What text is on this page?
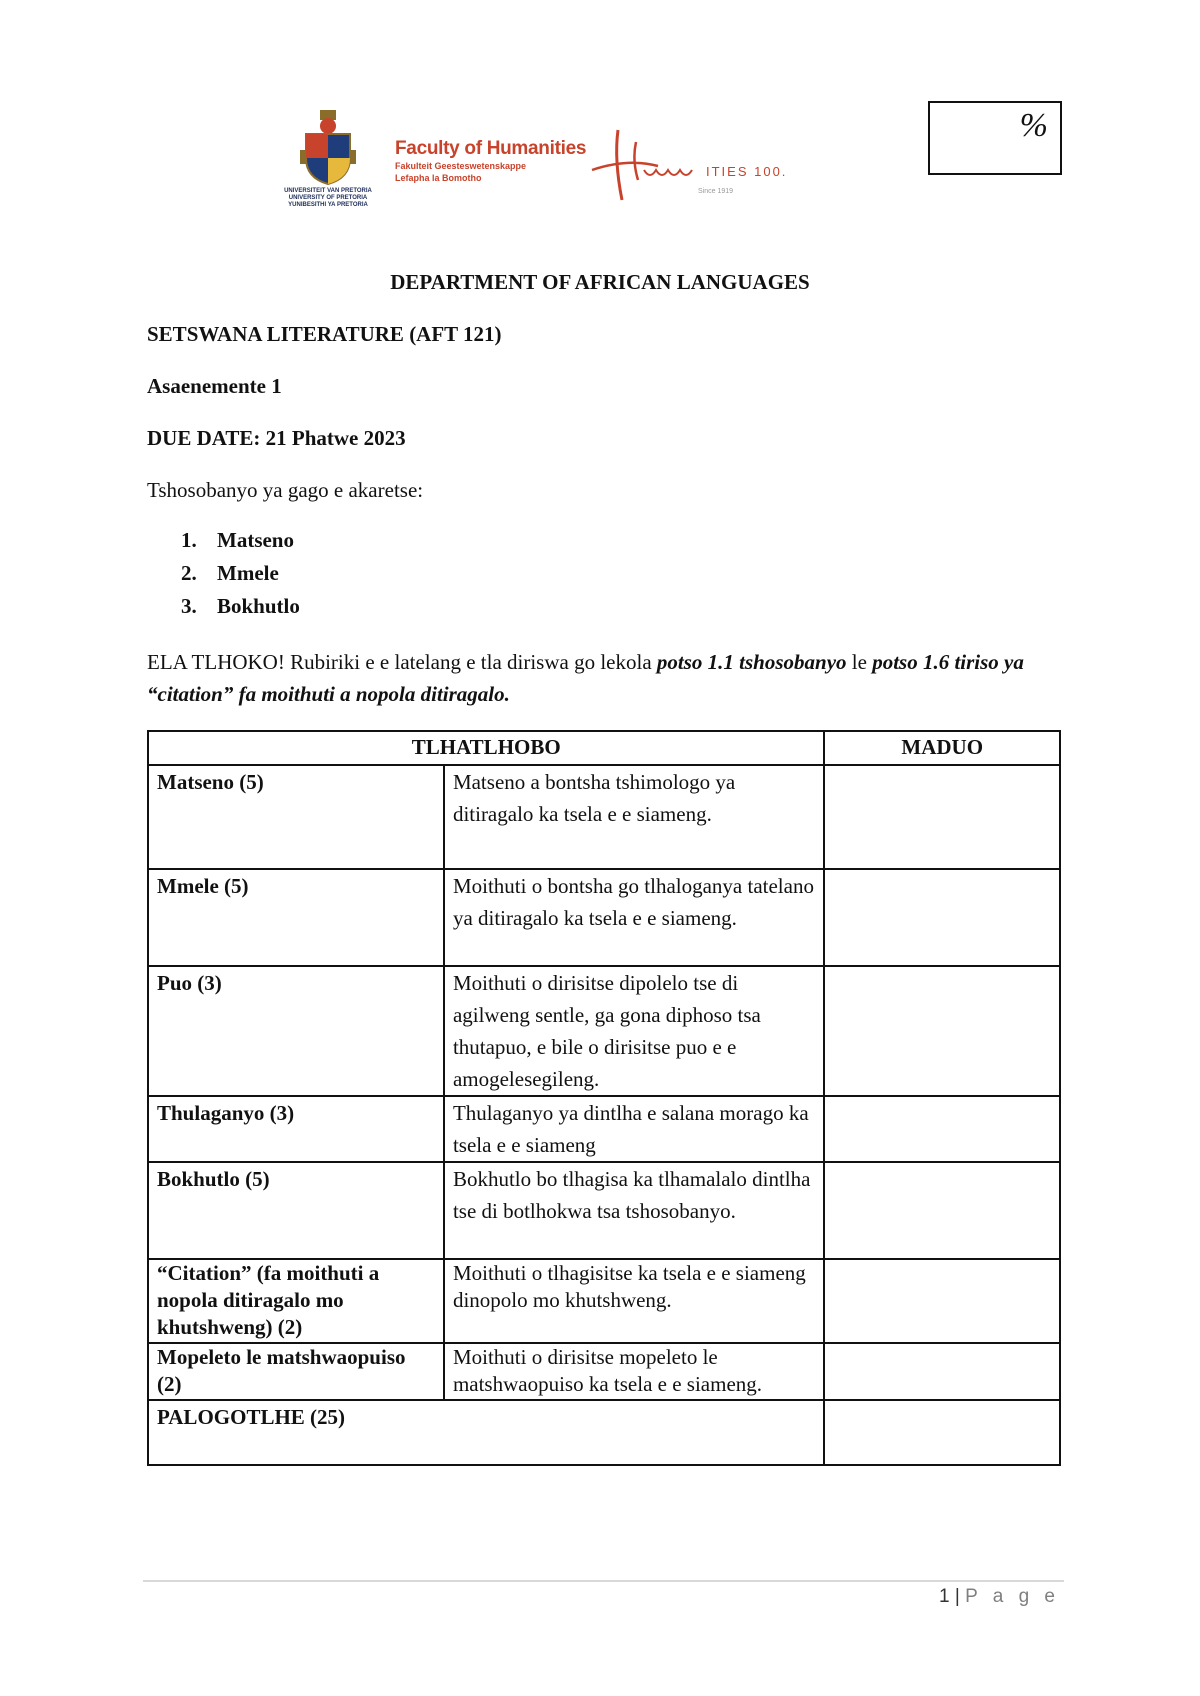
UNIVERSITEIT VAN PRETORIA
UNIVERSITY OF PRETORIA
YUNIBESITHI YA PRETORIA
Faculty of Humanities
Fakulteit Geesteswetenskappe
Lefapha la Bomotho	ITIES 100.
Since 1919
%
DEPARTMENT OF AFRICAN LANGUAGES
SETSWANA LITERATURE (AFT 121)
Asaenemente 1
DUE DATE: 21 Phatwe 2023
Tshosobanyo ya gago e akaretse:
1. Matseno
2. Mmele
3. Bokhutlo
ELA TLHOKO! Rubiriki e e latelang e tla diriswa go lekola potso 1.1 tshosobanyo le potso 1.6 tiriso ya “citation” fa moithuti a nopola ditiragalo.
TLHATLHOBO		MADUO
Matseno (5)	Matseno a bontsha tshimologo ya ditiragalo ka tsela e e siameng.	
Mmele (5)	Moithuti o bontsha go tlhaloganya tatelano ya ditiragalo ka tsela e e siameng.	
Puo (3)	Moithuti o dirisitse dipolelo tse di agilweng sentle, ga gona diphoso tsa thutapuo, e bile o dirisitse puo e e amogelesegileng.	
Thulaganyo (3)	Thulaganyo ya dintlha e salana morago ka tsela e e siameng	
Bokhutlo (5)	Bokhutlo bo tlhagisa ka tlhamalalo dintlha tse di botlhokwa tsa tshosobanyo.	
“Citation” (fa moithuti a nopola ditiragalo mo khutshweng) (2)	Moithuti o tlhagisitse ka tsela e e siameng dinopolo mo khutshweng.	
Mopeleto le matshwaopuiso (2)	Moithuti o dirisitse mopeleto le matshwaopuiso ka tsela e e siameng.	
PALOGOTLHE (25)		
1 | P a g e
